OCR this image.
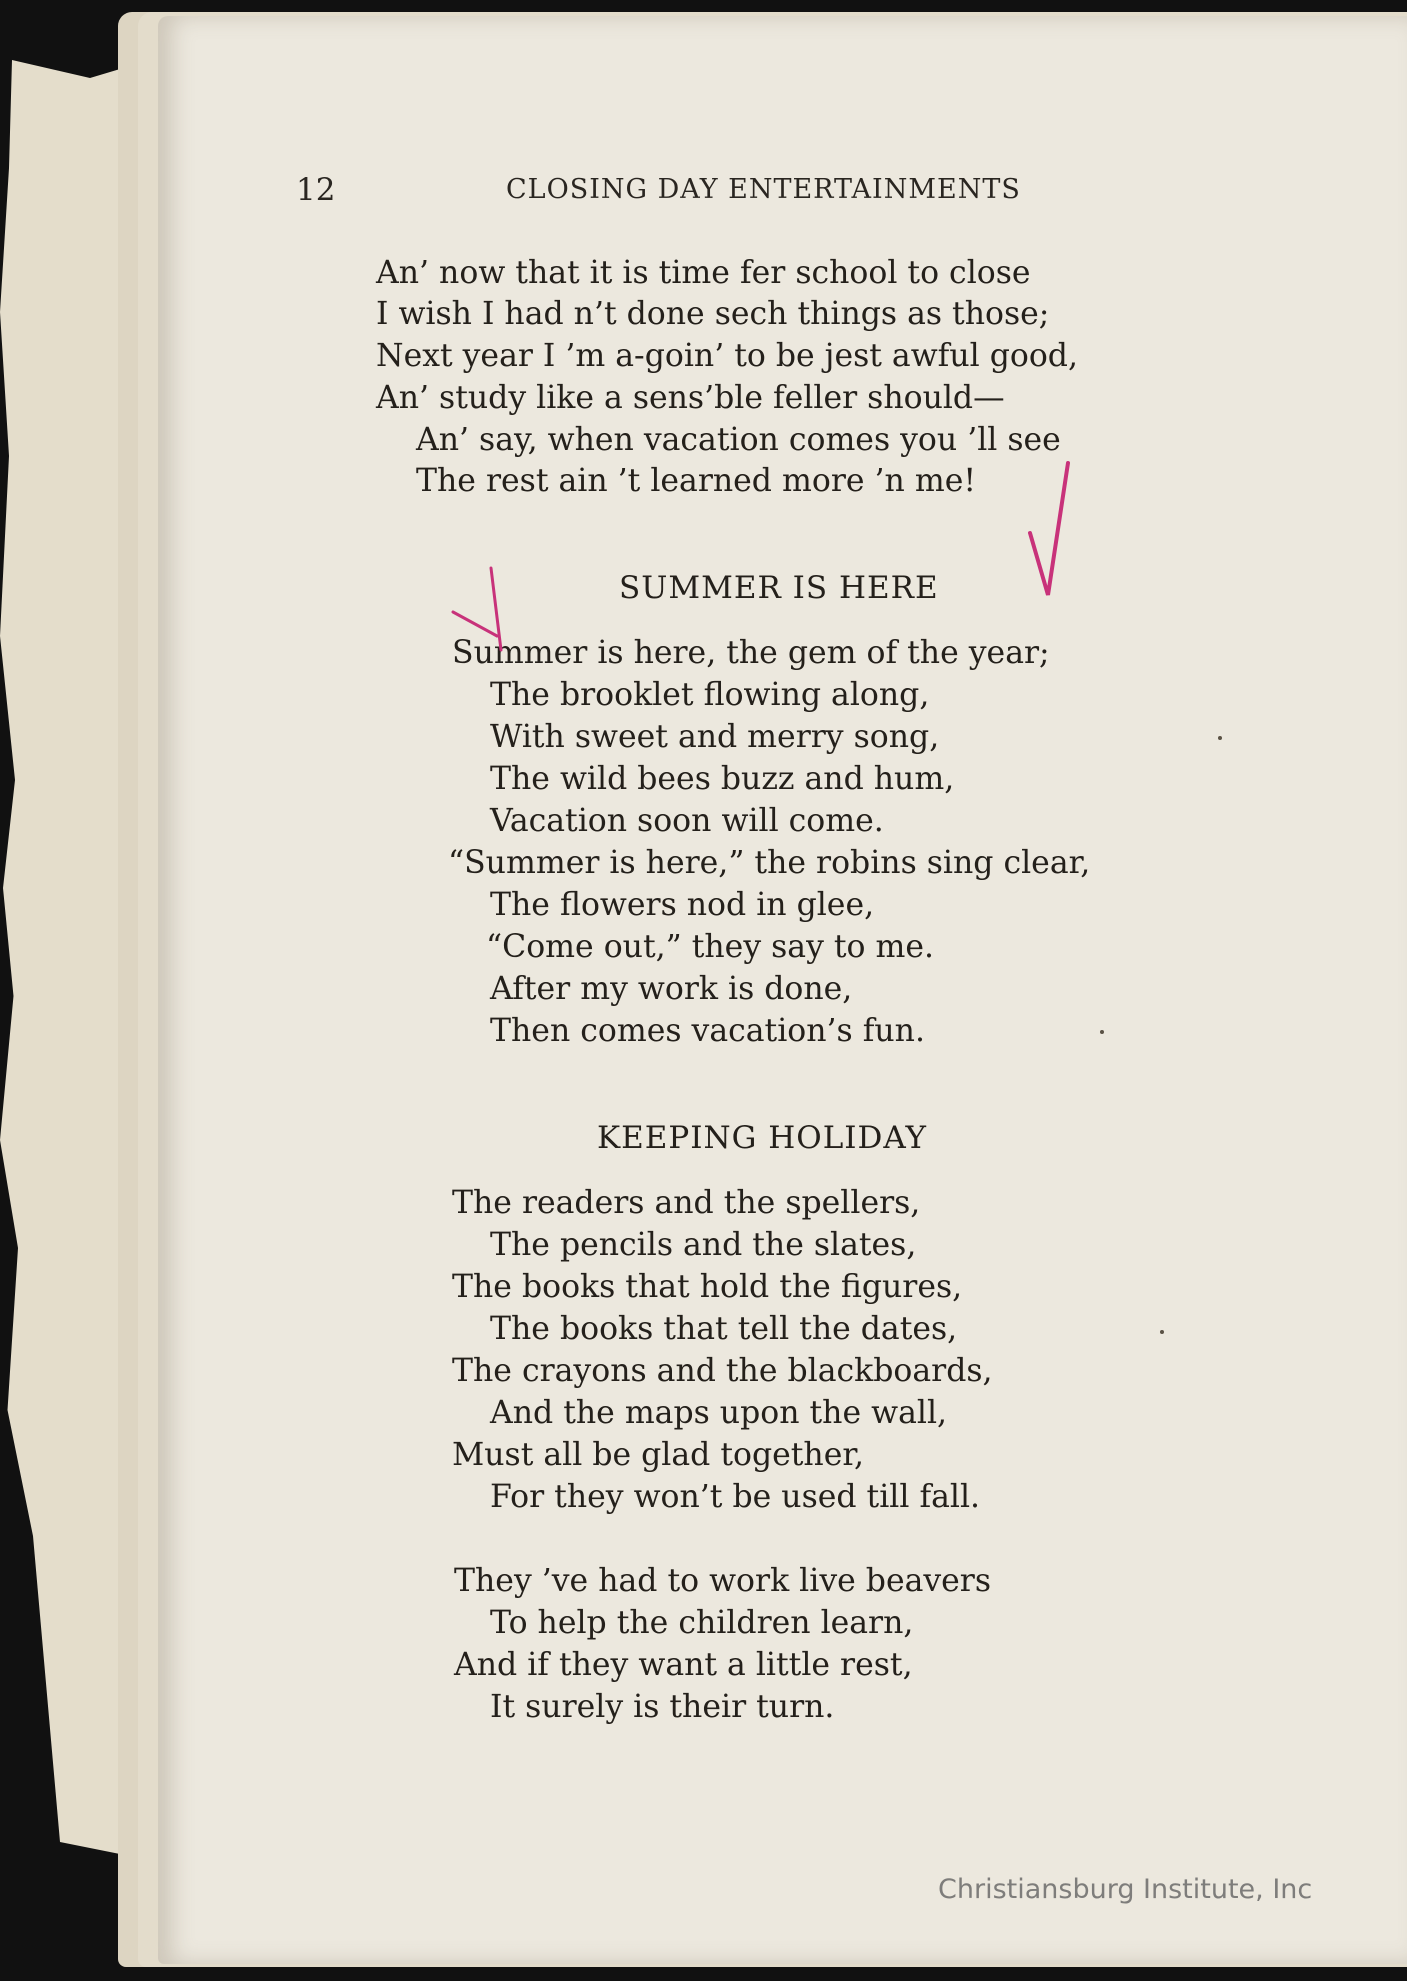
12	CLOSING DAY ENTERTAINMENTS
An’ now that it is time fer school to close
I wish I had n’t done sech things as those;
Next year I ’m a-goin’ to be jest awful good,
An’ study like a sens’ble feller should—
An’ say, when vacation comes you ’ll see
The rest ain ’t learned more ’n me!
SUMMER IS HERE
Summer is here, the gem of the year;
The brooklet flowing along,
With sweet and merry song,
The wild bees buzz and hum,
Vacation soon will come.
“Summer is here,” the robins sing clear,
The flowers nod in glee,
“Come out,” they say to me.
After my work is done,
Then comes vacation’s fun.
KEEPING HOLIDAY
The readers and the spellers,
The pencils and the slates,
The books that hold the figures,
The books that tell the dates,
The crayons and the blackboards,
And the maps upon the wall,
Must all be glad together,
For they won’t be used till fall.
They ’ve had to work live beavers
To help the children learn,
And if they want a little rest,
It surely is their turn.
Christiansburg Institute, Inc
